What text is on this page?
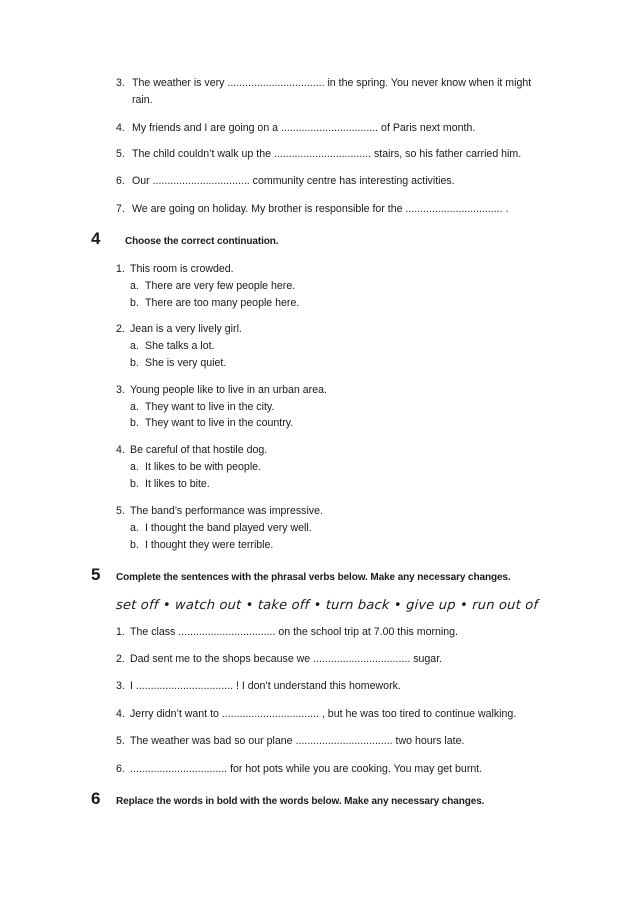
3. The weather is very ................................. in the spring. You never know when it might
rain.
4. My friends and I are going on a ................................. of Paris next month.
5. The child couldn’t walk up the ................................. stairs, so his father carried him.
6. Our ................................. community centre has interesting activities.
7. We are going on holiday. My brother is responsible for the ................................. .
4 Choose the correct continuation.
1. This room is crowded.
a. There are very few people here.
b. There are too many people here.
2. Jean is a very lively girl.
a. She talks a lot.
b. She is very quiet.
3. Young people like to live in an urban area.
a. They want to live in the city.
b. They want to live in the country.
4. Be careful of that hostile dog.
a. It likes to be with people.
b. It likes to bite.
5. The band’s performance was impressive.
a. I thought the band played very well.
b. I thought they were terrible.
5 Complete the sentences with the phrasal verbs below. Make any necessary changes.
set off • watch out • take off • turn back • give up • run out of
1. The class ................................. on the school trip at 7.00 this morning.
2. Dad sent me to the shops because we ................................. sugar.
3. I ................................. ! I don’t understand this homework.
4. Jerry didn’t want to ................................. , but he was too tired to continue walking.
5. The weather was bad so our plane ................................. two hours late.
6. ................................. for hot pots while you are cooking. You may get burnt.
6 Replace the words in bold with the words below. Make any necessary changes.
